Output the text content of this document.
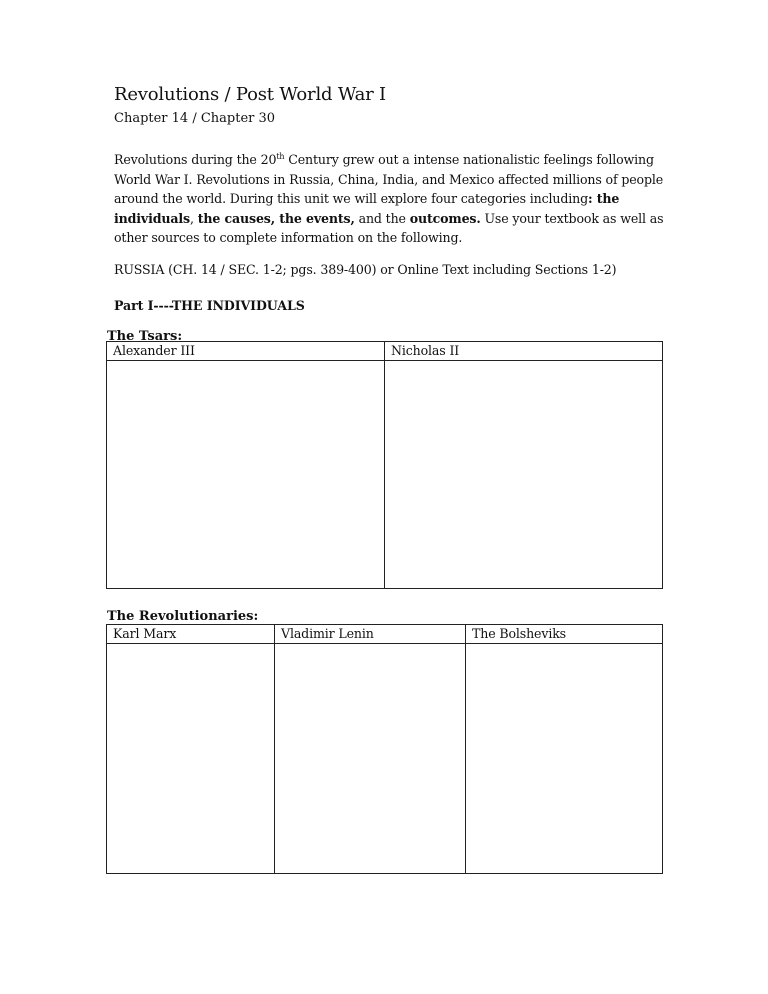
Revolutions / Post World War I
Chapter 14 / Chapter 30
Revolutions during the 20th Century grew out a intense nationalistic feelings following World War I. Revolutions in Russia, China, India, and Mexico affected millions of people around the world. During this unit we will explore four categories including: the individuals, the causes, the events, and the outcomes. Use your textbook as well as other sources to complete information on the following.
RUSSIA (CH. 14 / SEC. 1-2; pgs. 389-400) or Online Text including Sections 1-2)
Part I----THE INDIVIDUALS
The Tsars:
Alexander III	Nicholas II

The Revolutionaries:
Karl Marx	Vladimir Lenin	The Bolsheviks
